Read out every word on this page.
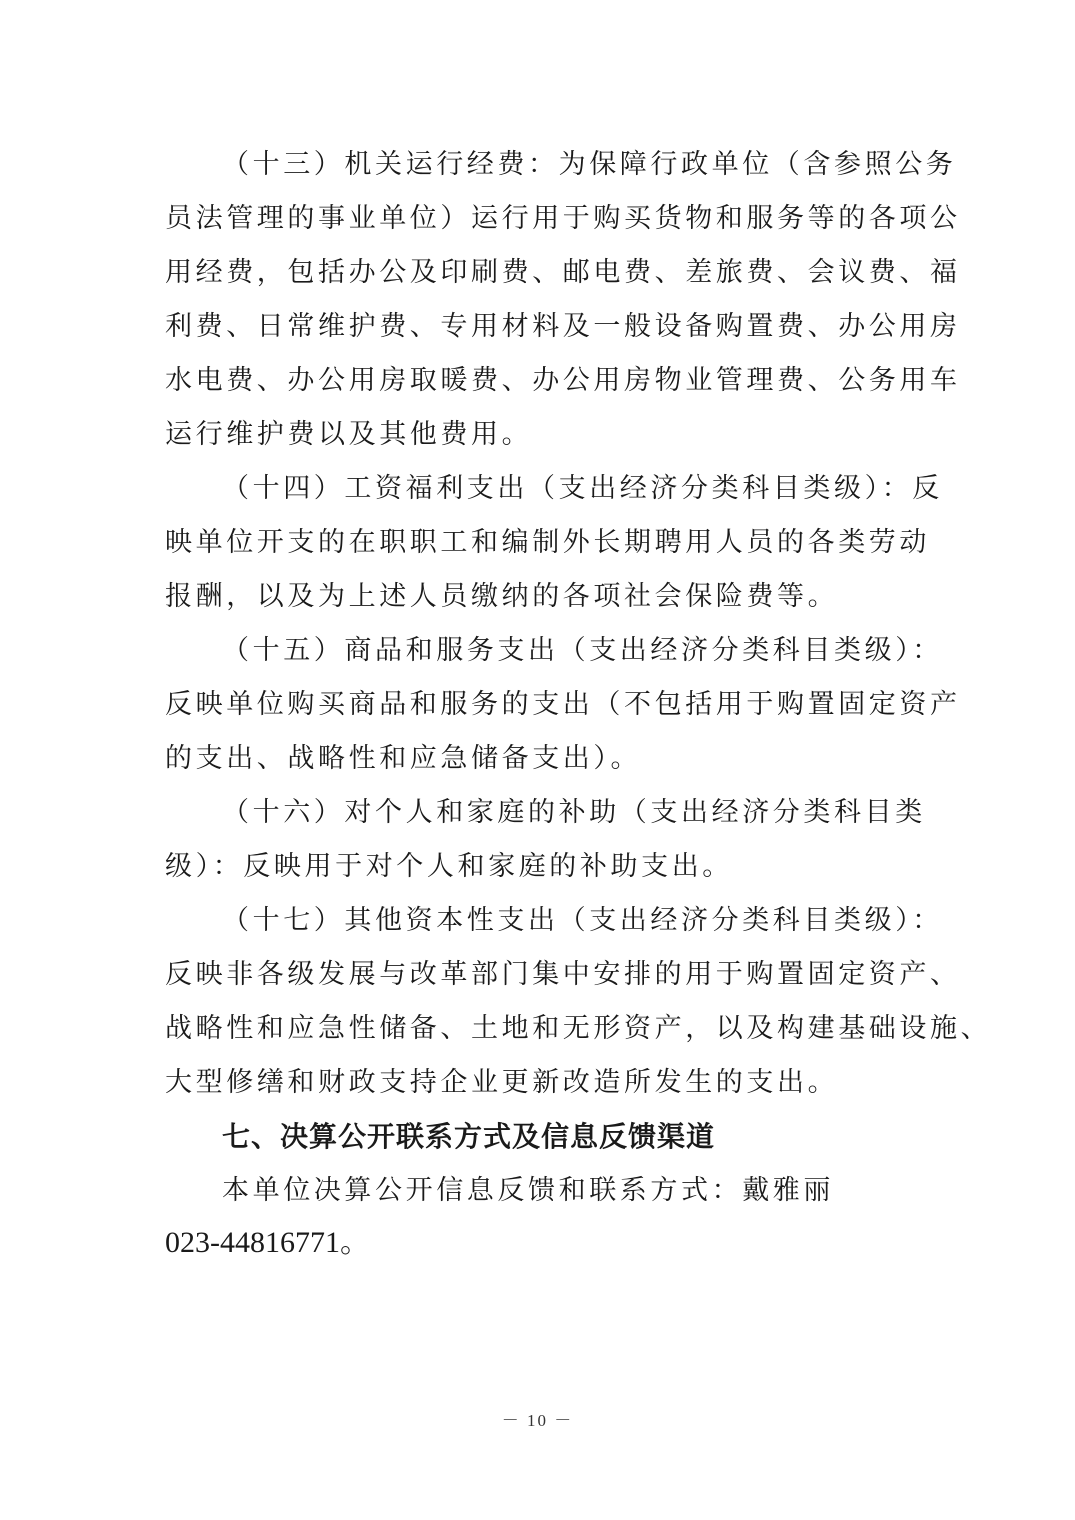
（十三）机关运行经费：为保障行政单位（含参照公务
员法管理的事业单位）运行用于购买货物和服务等的各项公
用经费，包括办公及印刷费、邮电费、差旅费、会议费、福
利费、日常维护费、专用材料及一般设备购置费、办公用房
水电费、办公用房取暖费、办公用房物业管理费、公务用车
运行维护费以及其他费用。
（十四）工资福利支出（支出经济分类科目类级）：反
映单位开支的在职职工和编制外长期聘用人员的各类劳动
报酬，以及为上述人员缴纳的各项社会保险费等。
（十五）商品和服务支出（支出经济分类科目类级）：
反映单位购买商品和服务的支出（不包括用于购置固定资产
的支出、战略性和应急储备支出）。
（十六）对个人和家庭的补助（支出经济分类科目类
级）：反映用于对个人和家庭的补助支出。
（十七）其他资本性支出（支出经济分类科目类级）：
反映非各级发展与改革部门集中安排的用于购置固定资产、
战略性和应急性储备、土地和无形资产，以及构建基础设施、
大型修缮和财政支持企业更新改造所发生的支出。
七、决算公开联系方式及信息反馈渠道
本单位决算公开信息反馈和联系方式：戴雅丽
023-44816771。
－ 10 －
